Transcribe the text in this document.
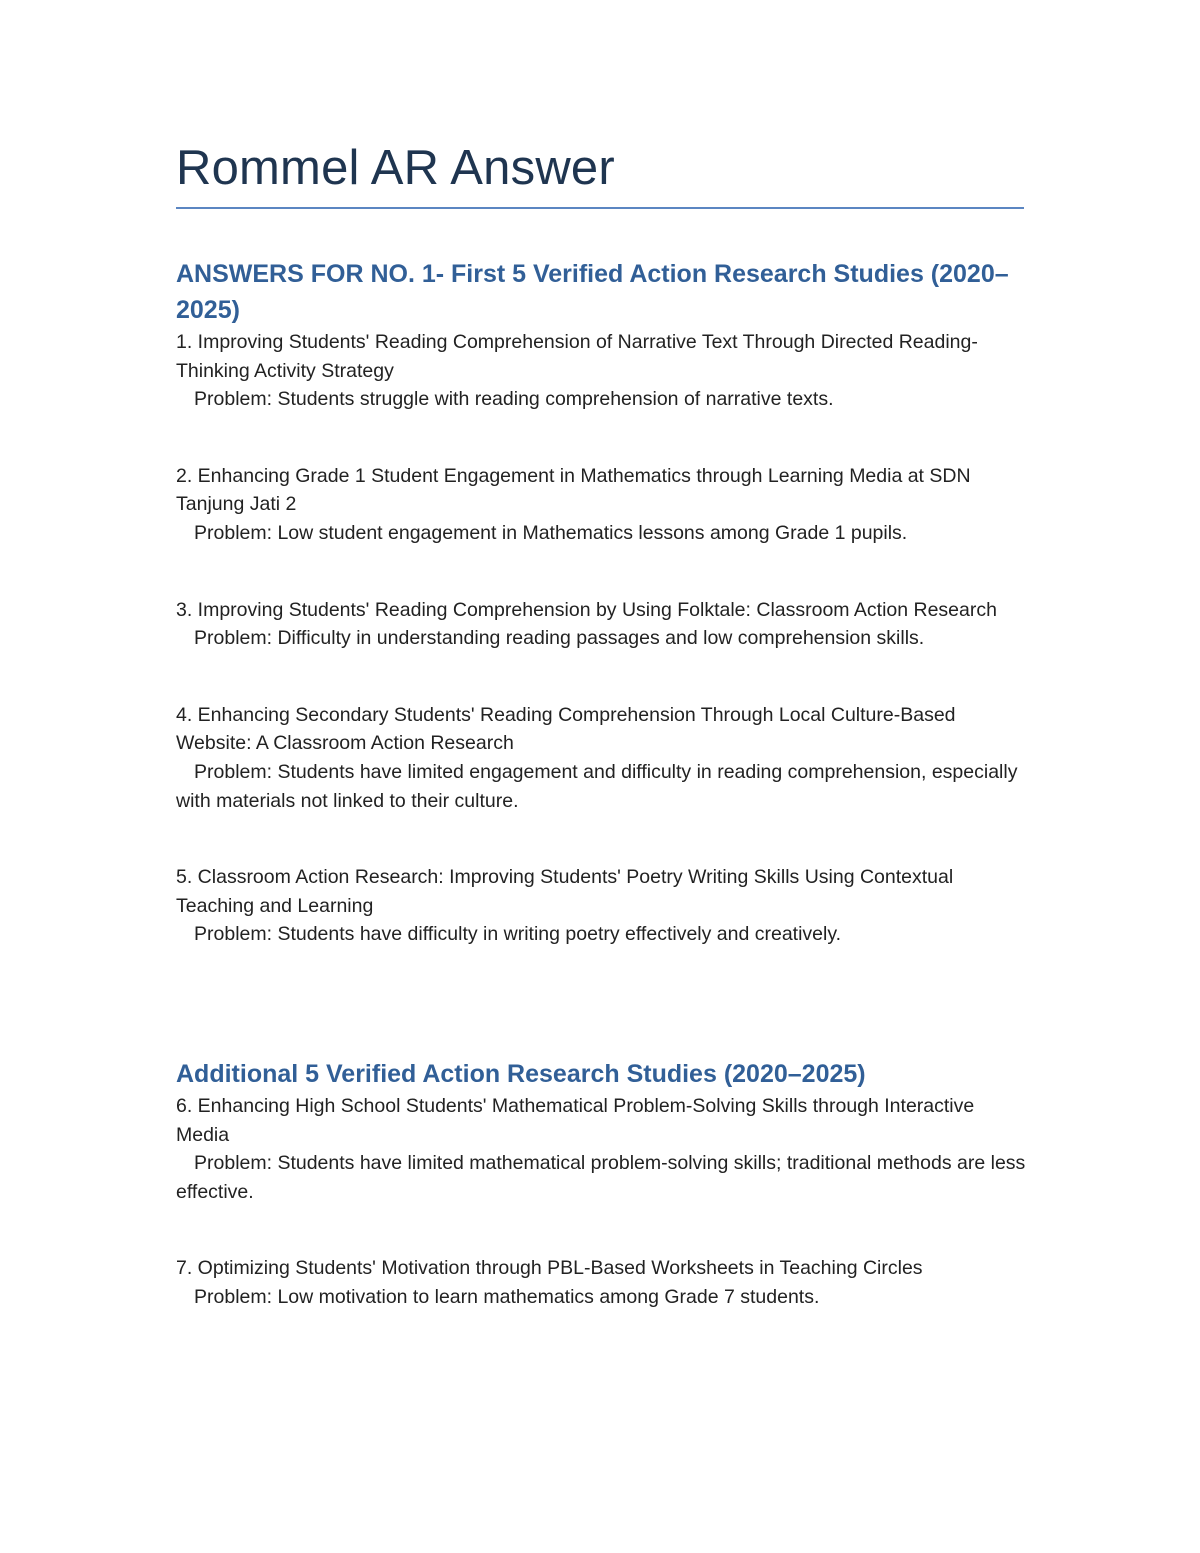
Rommel AR Answer
ANSWERS FOR NO. 1- First 5 Verified Action Research Studies (2020–2025)

1. Improving Students' Reading Comprehension of Narrative Text Through Directed Reading-Thinking Activity Strategy

Problem: Students struggle with reading comprehension of narrative texts.

2. Enhancing Grade 1 Student Engagement in Mathematics through Learning Media at SDN Tanjung Jati 2

Problem: Low student engagement in Mathematics lessons among Grade 1 pupils.

3. Improving Students' Reading Comprehension by Using Folktale: Classroom Action Research

Problem: Difficulty in understanding reading passages and low comprehension skills.

4. Enhancing Secondary Students' Reading Comprehension Through Local Culture-Based Website: A Classroom Action Research

Problem: Students have limited engagement and difficulty in reading comprehension, especially with materials not linked to their culture.

5. Classroom Action Research: Improving Students' Poetry Writing Skills Using Contextual Teaching and Learning

Problem: Students have difficulty in writing poetry effectively and creatively.

Additional 5 Verified Action Research Studies (2020–2025)

6. Enhancing High School Students' Mathematical Problem-Solving Skills through Interactive Media

Problem: Students have limited mathematical problem-solving skills; traditional methods are less effective.

7. Optimizing Students' Motivation through PBL-Based Worksheets in Teaching Circles

Problem: Low motivation to learn mathematics among Grade 7 students.
